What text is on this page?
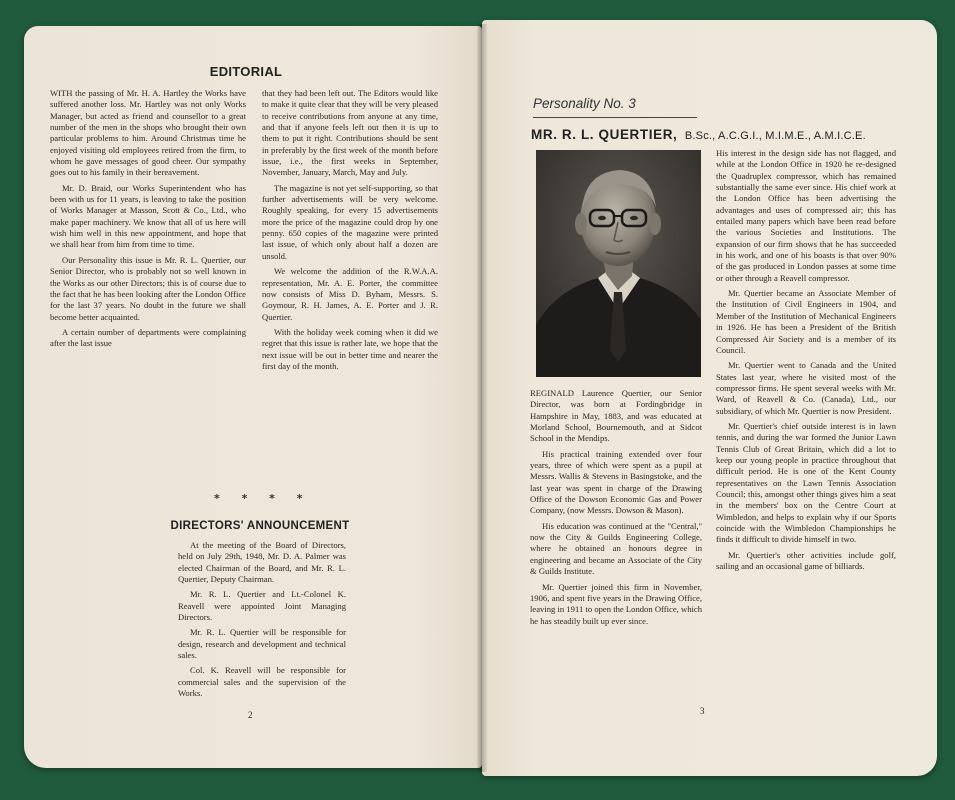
EDITORIAL

WITH the passing of Mr. H. A. Hartley the Works have suffered another loss. Mr. Hartley was not only Works Manager, but acted as friend and counsellor to a great number of the men in the shops who brought their own particular problems to him. Around Christmas time he enjoyed visiting old employees retired from the firm, to whom he gave messages of good cheer. Our sympathy goes out to his family in their bereavement.

Mr. D. Braid, our Works Superintendent who has been with us for 11 years, is leaving to take the position of Works Manager at Masson, Scott & Co., Ltd., who make paper machinery. We know that all of us here will wish him well in this new appointment, and hope that we shall hear from him from time to time.

Our Personality this issue is Mr. R. L. Quertier, our Senior Director, who is probably not so well known in the Works as our other Directors; this is of course due to the fact that he has been looking after the London Office for the last 37 years. No doubt in the future we shall become better acquainted.

A certain number of departments were complaining after the last issue

that they had been left out. The Editors would like to make it quite clear that they will be very pleased to receive contributions from anyone at any time, and that if anyone feels left out then it is up to them to put it right. Contributions should be sent in preferably by the first week of the month before issue, i.e., the first weeks in September, November, January, March, May and July.

The magazine is not yet self-supporting, so that further advertisements will be very welcome. Roughly speaking, for every 15 advertisements more the price of the magazine could drop by one penny. 650 copies of the magazine were printed last issue, of which only about half a dozen are unsold.

We welcome the addition of the R.W.A.A. representation, Mr. A. E. Porter, the committee now consists of Miss D. Byham, Messrs. S. Goymour, R. H. James, A. E. Porter and J. R. Quertier.

With the holiday week coming when it did we regret that this issue is rather late, we hope that the next issue will be out in better time and nearer the first day of the month.

* * * *
DIRECTORS' ANNOUNCEMENT

At the meeting of the Board of Directors, held on July 29th, 1948, Mr. D. A. Palmer was elected Chairman of the Board, and Mr. R. L. Quertier, Deputy Chairman.

Mr. R. L. Quertier and Lt.-Colonel K. Reavell were appointed Joint Managing Directors.

Mr. R. L. Quertier will be responsible for design, research and development and technical sales.

Col. K. Reavell will be responsible for commercial sales and the supervision of the Works.

2
Personality No. 3
MR. R. L. QUERTIER, B.Sc., A.C.G.I., M.I.M.E., A.M.I.C.E.

REGINALD Laurence Quertier, our Senior Director, was born at Fordingbridge in Hampshire in May, 1883, and was educated at Morland School, Bournemouth, and at Sidcot School in the Mendips.

His practical training extended over four years, three of which were spent as a pupil at Messrs. Wallis & Stevens in Basingstoke, and the last year was spent in charge of the Drawing Office of the Dowson Economic Gas and Power Company, (now Messrs. Dowson & Mason).

His education was continued at the "Central," now the City & Guilds Engineering College, where he obtained an honours degree in engineering and became an Associate of the City & Guilds Institute.

Mr. Quertier joined this firm in November, 1906, and spent five years in the Drawing Office, leaving in 1911 to open the London Office, which he has steadily built up ever since.

His interest in the design side has not flagged, and while at the London Office in 1920 he re-designed the Quadruplex compressor, which has remained substantially the same ever since. His chief work at the London Office has been advertising the advantages and uses of compressed air; this has entailed many papers which have been read before the various Societies and Institutions. The expansion of our firm shows that he has succeeded in his work, and one of his boasts is that over 90% of the gas produced in London passes at some time or other through a Reavell compressor.

Mr. Quertier became an Associate Member of the Institution of Civil Engineers in 1904, and Member of the Institution of Mechanical Engineers in 1926. He has been a President of the British Compressed Air Society and is a member of its Council.

Mr. Quertier went to Canada and the United States last year, where he visited most of the compressor firms. He spent several weeks with Mr. Ward, of Reavell & Co. (Canada), Ltd., our subsidiary, of which Mr. Quertier is now President.

Mr. Quertier's chief outside interest is in lawn tennis, and during the war formed the Junior Lawn Tennis Club of Great Britain, which did a lot to keep our young people in practice throughout that difficult period. He is one of the Kent County representatives on the Lawn Tennis Association Council; this, amongst other things gives him a seat in the members' box on the Centre Court at Wimbledon, and helps to explain why if our Sports coincide with the Wimbledon Championships he finds it difficult to divide himself in two.

Mr. Quertier's other activities include golf, sailing and an occasional game of billiards.

3
